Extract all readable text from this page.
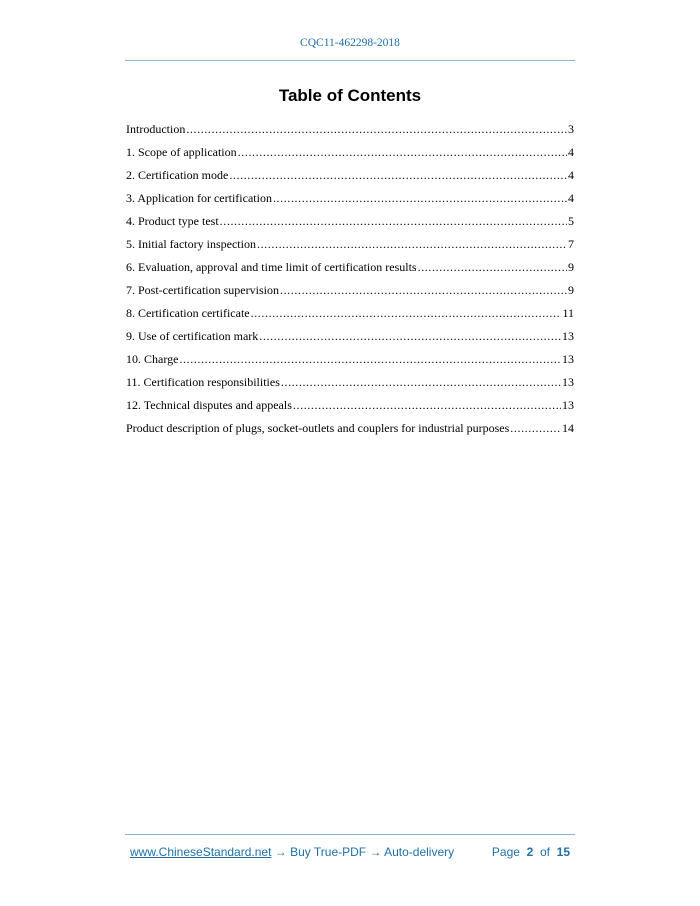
CQC11-462298-2018
Table of Contents
Introduction .....	3
1. Scope of application .....	4
2. Certification mode .....	4
3. Application for certification .....	4
4. Product type test .....	5
5. Initial factory inspection .....	7
6. Evaluation, approval and time limit of certification results .....	9
7. Post-certification supervision .....	9
8. Certification certificate .....	11
9. Use of certification mark .....	13
10. Charge .....	13
11. Certification responsibilities .....	13
12. Technical disputes and appeals .....	13
Product description of plugs, socket-outlets and couplers for industrial purposes .....	14
www.ChineseStandard.net → Buy True-PDF → Auto-delivery	Page 2 of 15
